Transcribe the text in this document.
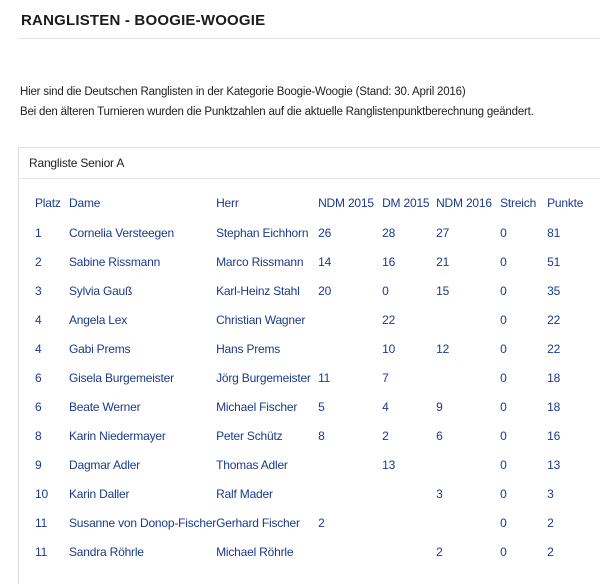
RANGLISTEN - BOOGIE-WOOGIE

Hier sind die Deutschen Ranglisten in der Kategorie Boogie-Woogie (Stand: 30. April 2016)

Bei den älteren Turnieren wurden die Punktzahlen auf die aktuelle Ranglistenpunktberechnung geändert.

Rangliste Senior A
Platz	Dame	Herr	NDM 2015	DM 2015	NDM 2016	Streich	Punkte
1	Cornelia Versteegen	Stephan Eichhorn	26	28	27	0	81
2	Sabine Rissmann	Marco Rissmann	14	16	21	0	51
3	Sylvia Gauß	Karl-Heinz Stahl	20	0	15	0	35
4	Angela Lex	Christian Wagner		22		0	22
4	Gabi Prems	Hans Prems		10	12	0	22
6	Gisela Burgemeister	Jörg Burgemeister	11	7		0	18
6	Beate Werner	Michael Fischer	5	4	9	0	18
8	Karin Niedermayer	Peter Schütz	8	2	6	0	16
9	Dagmar Adler	Thomas Adler		13		0	13
10	Karin Daller	Ralf Mader			3	0	3
11	Susanne von Donop-Fischer	Gerhard Fischer	2			0	2
11	Sandra Röhrle	Michael Röhrle			2	0	2
